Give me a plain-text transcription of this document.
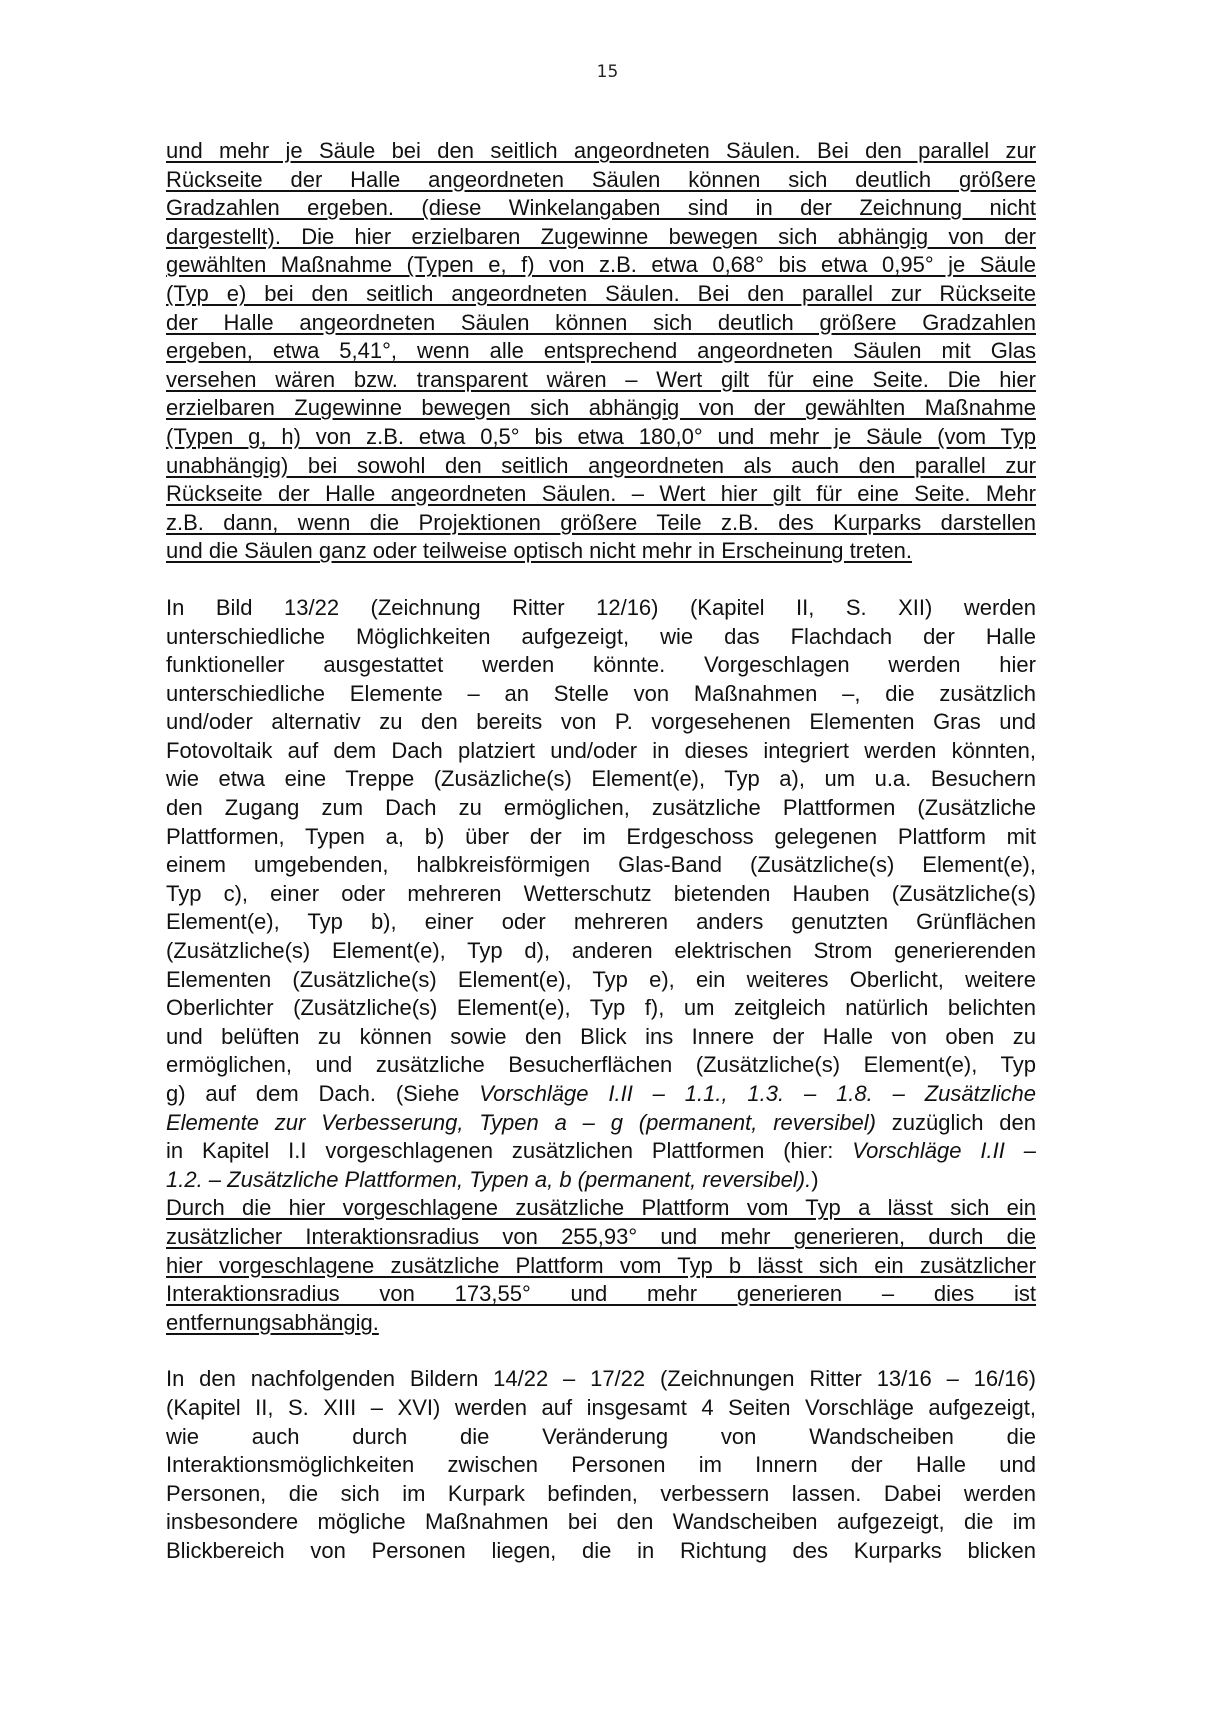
15
und mehr je Säule bei den seitlich angeordneten Säulen. Bei den parallel zur
Rückseite der Halle angeordneten Säulen können sich deutlich größere
Gradzahlen ergeben. (diese Winkelangaben sind in der Zeichnung nicht
dargestellt). Die hier erzielbaren Zugewinne bewegen sich abhängig von der
gewählten Maßnahme (Typen e, f) von z.B. etwa 0,68° bis etwa 0,95° je Säule
(Typ e) bei den seitlich angeordneten Säulen. Bei den parallel zur Rückseite
der Halle angeordneten Säulen können sich deutlich größere Gradzahlen
ergeben, etwa 5,41°, wenn alle entsprechend angeordneten Säulen mit Glas
versehen wären bzw. transparent wären – Wert gilt für eine Seite. Die hier
erzielbaren Zugewinne bewegen sich abhängig von der gewählten Maßnahme
(Typen g, h) von z.B. etwa 0,5° bis etwa 180,0° und mehr je Säule (vom Typ
unabhängig) bei sowohl den seitlich angeordneten als auch den parallel zur
Rückseite der Halle angeordneten Säulen. – Wert hier gilt für eine Seite. Mehr
z.B. dann, wenn die Projektionen größere Teile z.B. des Kurparks darstellen
und die Säulen ganz oder teilweise optisch nicht mehr in Erscheinung treten.
In Bild 13/22 (Zeichnung Ritter 12/16) (Kapitel II, S. XII) werden
unterschiedliche Möglichkeiten aufgezeigt, wie das Flachdach der Halle
funktioneller ausgestattet werden könnte. Vorgeschlagen werden hier
unterschiedliche Elemente – an Stelle von Maßnahmen –, die zusätzlich
und/oder alternativ zu den bereits von P. vorgesehenen Elementen Gras und
Fotovoltaik auf dem Dach platziert und/oder in dieses integriert werden könnten,
wie etwa eine Treppe (Zusäzliche(s) Element(e), Typ a), um u.a. Besuchern
den Zugang zum Dach zu ermöglichen, zusätzliche Plattformen (Zusätzliche
Plattformen, Typen a, b) über der im Erdgeschoss gelegenen Plattform mit
einem umgebenden, halbkreisförmigen Glas-Band (Zusätzliche(s) Element(e),
Typ c), einer oder mehreren Wetterschutz bietenden Hauben (Zusätzliche(s)
Element(e), Typ b), einer oder mehreren anders genutzten Grünflächen
(Zusätzliche(s) Element(e), Typ d), anderen elektrischen Strom generierenden
Elementen (Zusätzliche(s) Element(e), Typ e), ein weiteres Oberlicht, weitere
Oberlichter (Zusätzliche(s) Element(e), Typ f), um zeitgleich natürlich belichten
und belüften zu können sowie den Blick ins Innere der Halle von oben zu
ermöglichen, und zusätzliche Besucherflächen (Zusätzliche(s) Element(e), Typ
g) auf dem Dach. (Siehe Vorschläge I.II – 1.1., 1.3. – 1.8. – Zusätzliche
Elemente zur Verbesserung, Typen a – g (permanent, reversibel) zuzüglich den
in Kapitel I.I vorgeschlagenen zusätzlichen Plattformen (hier: Vorschläge I.II –
1.2. – Zusätzliche Plattformen, Typen a, b (permanent, reversibel).)
Durch die hier vorgeschlagene zusätzliche Plattform vom Typ a lässt sich ein
zusätzlicher Interaktionsradius von 255,93° und mehr generieren, durch die
hier vorgeschlagene zusätzliche Plattform vom Typ b lässt sich ein zusätzlicher
Interaktionsradius von 173,55° und mehr generieren – dies ist
entfernungsabhängig.
In den nachfolgenden Bildern 14/22 – 17/22 (Zeichnungen Ritter 13/16 – 16/16)
(Kapitel II, S. XIII – XVI) werden auf insgesamt 4 Seiten Vorschläge aufgezeigt,
wie auch durch die Veränderung von Wandscheiben die
Interaktionsmöglichkeiten zwischen Personen im Innern der Halle und
Personen, die sich im Kurpark befinden, verbessern lassen. Dabei werden
insbesondere mögliche Maßnahmen bei den Wandscheiben aufgezeigt, die im
Blickbereich von Personen liegen, die in Richtung des Kurparks blicken
